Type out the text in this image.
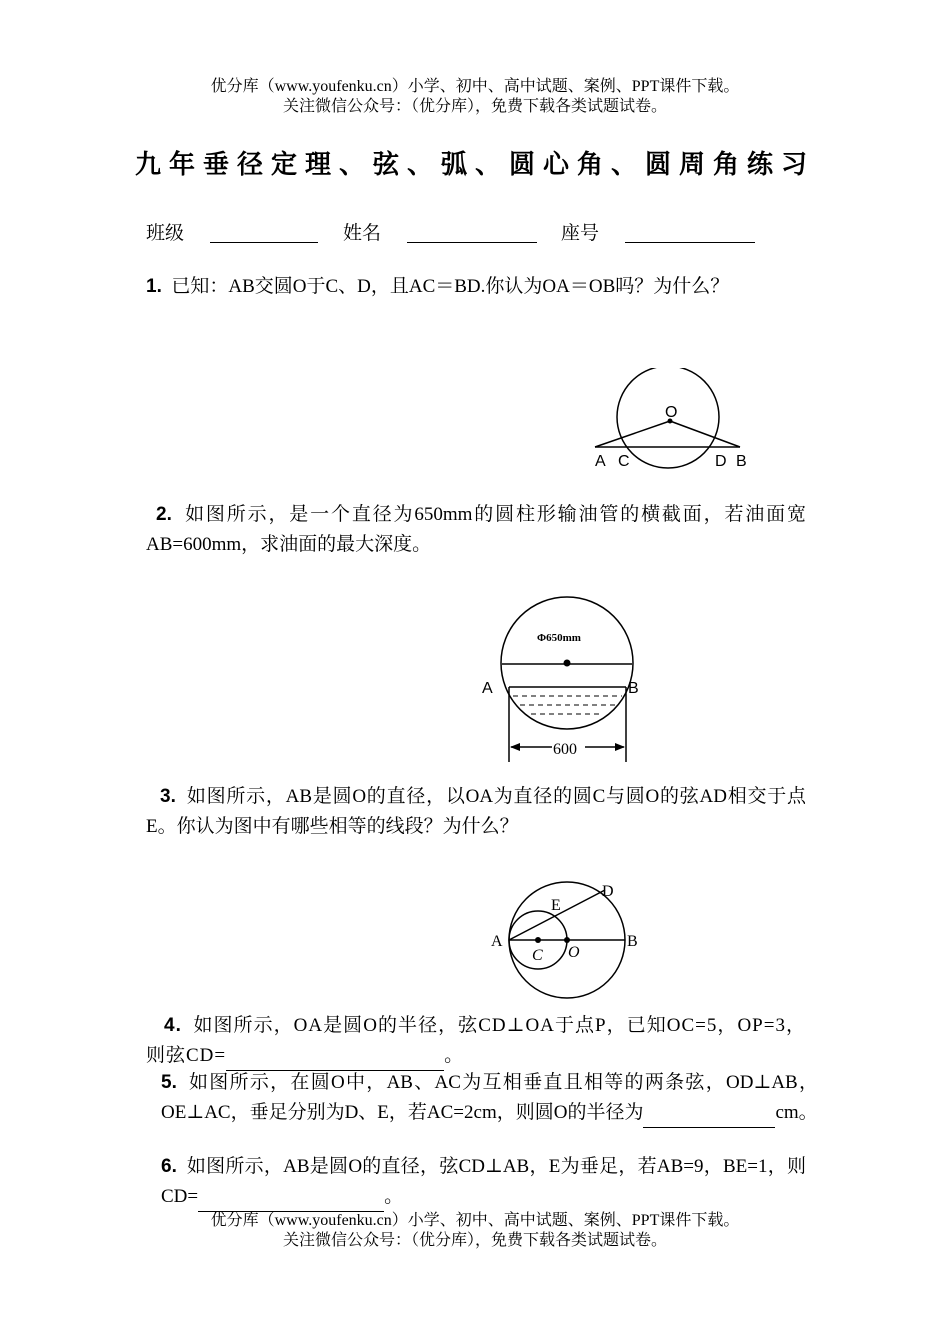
优分库（www.youfenku.cn）小学、初中、高中试题、案例、PPT课件下载。
关注微信公众号：（优分库），免费下载各类试题试卷。
九年垂径定理、弦、弧、圆心角、圆周角练习
班级	姓名	座号
1. 已知：AB交圆O于C、D，且AC＝BD.你认为OA＝OB吗？为什么？
O
A C	D B
2. 如图所示，是一个直径为650mm的圆柱形输油管的横截面，若油面宽AB=600mm，求油面的最大深度。
Φ650mm
A	B
600
3. 如图所示，AB是圆O的直径，以OA为直径的圆C与圆O的弦AD相交于点E。你认为图中有哪些相等的线段？为什么？
A	B
C O
D
E
4. 如图所示，OA是圆O的半径，弦CD⊥OA于点P，已知OC=5，OP=3，则弦CD=	。
5. 如图所示，在圆O中，AB、AC为互相垂直且相等的两条弦，OD⊥AB，OE⊥AC，垂足分别为D、E，若AC=2cm，则圆O的半径为	cm。
6. 如图所示，AB是圆O的直径，弦CD⊥AB，E为垂足，若AB=9，BE=1，则CD=	。
优分库（www.youfenku.cn）小学、初中、高中试题、案例、PPT课件下载。
关注微信公众号：（优分库），免费下载各类试题试卷。
